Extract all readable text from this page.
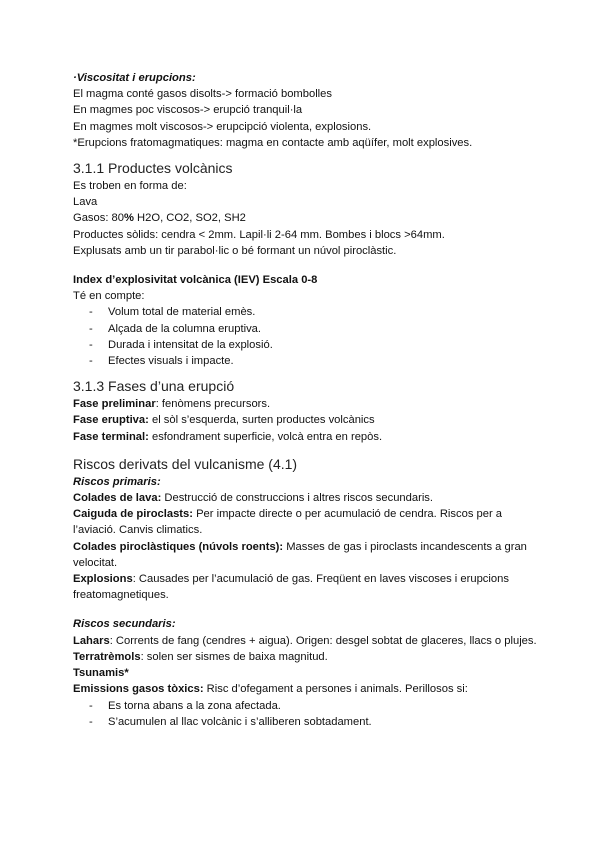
·Viscositat i erupcions:
El magma conté gasos disolts-> formació bombolles
En magmes poc viscosos-> erupció tranquil·la
En magmes molt viscosos-> erupcipció violenta, explosions.
*Erupcions fratomagmatiques: magma en contacte amb aqüífer, molt explosives.
3.1.1 Productes volcànics
Es troben en forma de:
Lava
Gasos: 80% H2O, CO2, SO2, SH2
Productes sòlids: cendra < 2mm. Lapil·li 2-64 mm. Bombes i blocs >64mm.
Explusats amb un tir parabol·lic o bé formant un núvol piroclàstic.
Index d’explosivitat volcànica (IEV) Escala 0-8
Té en compte:
- Volum total de material emès.
- Alçada de la columna eruptiva.
- Durada i intensitat de la explosió.
- Efectes visuals i impacte.
3.1.3 Fases d’una erupció
Fase preliminar: fenòmens precursors.
Fase eruptiva: el sòl s’esquerda, surten productes volcànics
Fase terminal: esfondrament superficie, volcà entra en repòs.
Riscos derivats del vulcanisme (4.1)
Riscos primaris:
Colades de lava: Destrucció de construccions i altres riscos secundaris.
Caiguda de piroclasts: Per impacte directe o per acumulació de cendra. Riscos per a l’aviació. Canvis climatics.
Colades piroclàstiques (núvols roents): Masses de gas i piroclasts incandescents a gran velocitat.
Explosions: Causades per l’acumulació de gas. Freqüent en laves viscoses i erupcions freatomagnetiques.
Riscos secundaris:
Lahars: Corrents de fang (cendres + aigua). Origen: desgel sobtat de glaceres, llacs o plujes.
Terratrèmols: solen ser sismes de baixa magnitud.
Tsunamis*
Emissions gasos tòxics: Risc d’ofegament a persones i animals. Perillosos si:
- Es torna abans a la zona afectada.
- S’acumulen al llac volcànic i s’alliberen sobtadament.
